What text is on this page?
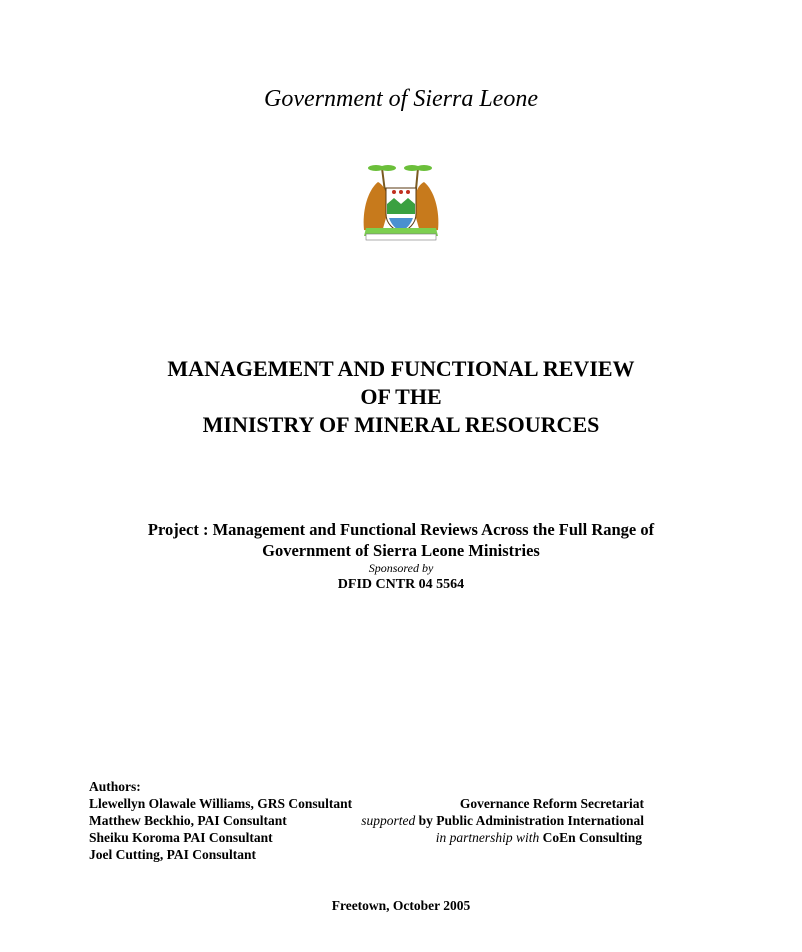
Government of Sierra Leone
MANAGEMENT AND FUNCTIONAL REVIEW
OF THE
MINISTRY OF MINERAL RESOURCES
Project : Management and Functional Reviews Across the Full Range of
Government of Sierra Leone Ministries
Sponsored by
DFID CNTR 04 5564
Authors:
Llewellyn Olawale Williams, GRS Consultant
Matthew Beckhio, PAI Consultant
Sheiku Koroma PAI Consultant
Joel Cutting, PAI Consultant
Governance Reform Secretariat
supported by Public Administration International
in partnership with CoEn Consulting
Freetown, October 2005
